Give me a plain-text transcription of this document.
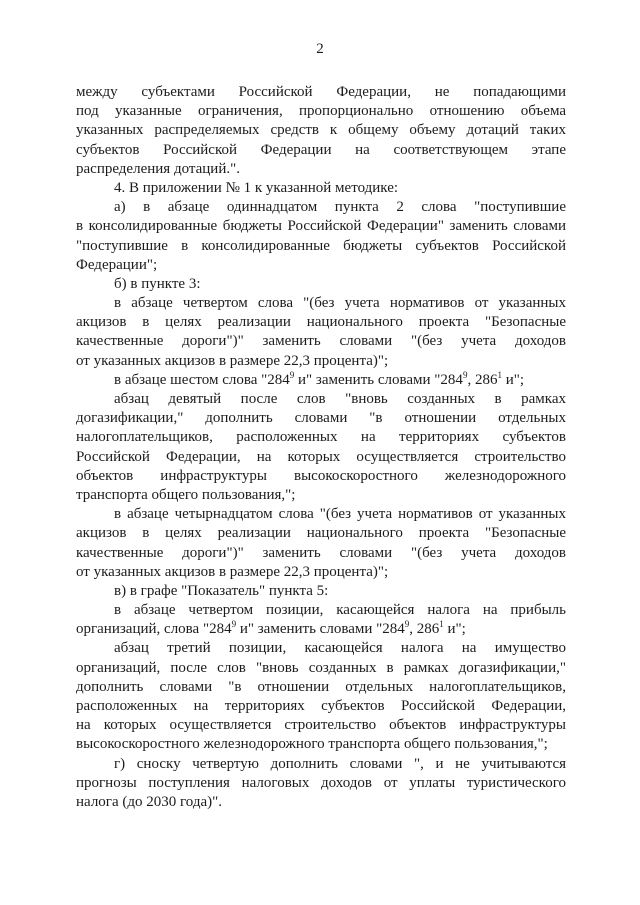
2
между субъектами Российской Федерации, не попадающими
под указанные ограничения, пропорционально отношению объема
указанных распределяемых средств к общему объему дотаций таких
субъектов Российской Федерации на соответствующем этапе
распределения дотаций.".
4. В приложении № 1 к указанной методике:
а) в абзаце одиннадцатом пункта 2 слова "поступившие
в консолидированные бюджеты Российской Федерации" заменить словами
"поступившие в консолидированные бюджеты субъектов Российской
Федерации";
б) в пункте 3:
в абзаце четвертом слова "(без учета нормативов от указанных
акцизов в целях реализации национального проекта "Безопасные
качественные дороги")" заменить словами "(без учета доходов
от указанных акцизов в размере 22,3 процента)";
в абзаце шестом слова "$284^9$ и" заменить словами "$284^9$, $286^1$ и";
абзац девятый после слов "вновь созданных в рамках
догазификации," дополнить словами "в отношении отдельных
налогоплательщиков, расположенных на территориях субъектов
Российской Федерации, на которых осуществляется строительство
объектов инфраструктуры высокоскоростного железнодорожного
транспорта общего пользования,";
в абзаце четырнадцатом слова "(без учета нормативов от указанных
акцизов в целях реализации национального проекта "Безопасные
качественные дороги")" заменить словами "(без учета доходов
от указанных акцизов в размере 22,3 процента)";
в) в графе "Показатель" пункта 5:
в абзаце четвертом позиции, касающейся налога на прибыль
организаций, слова "$284^9$ и" заменить словами "$284^9$, $286^1$ и";
абзац третий позиции, касающейся налога на имущество
организаций, после слов "вновь созданных в рамках догазификации,"
дополнить словами "в отношении отдельных налогоплательщиков,
расположенных на территориях субъектов Российской Федерации,
на которых осуществляется строительство объектов инфраструктуры
высокоскоростного железнодорожного транспорта общего пользования,";
г) сноску четвертую дополнить словами ", и не учитываются
прогнозы поступления налоговых доходов от уплаты туристического
налога (до 2030 года)".
